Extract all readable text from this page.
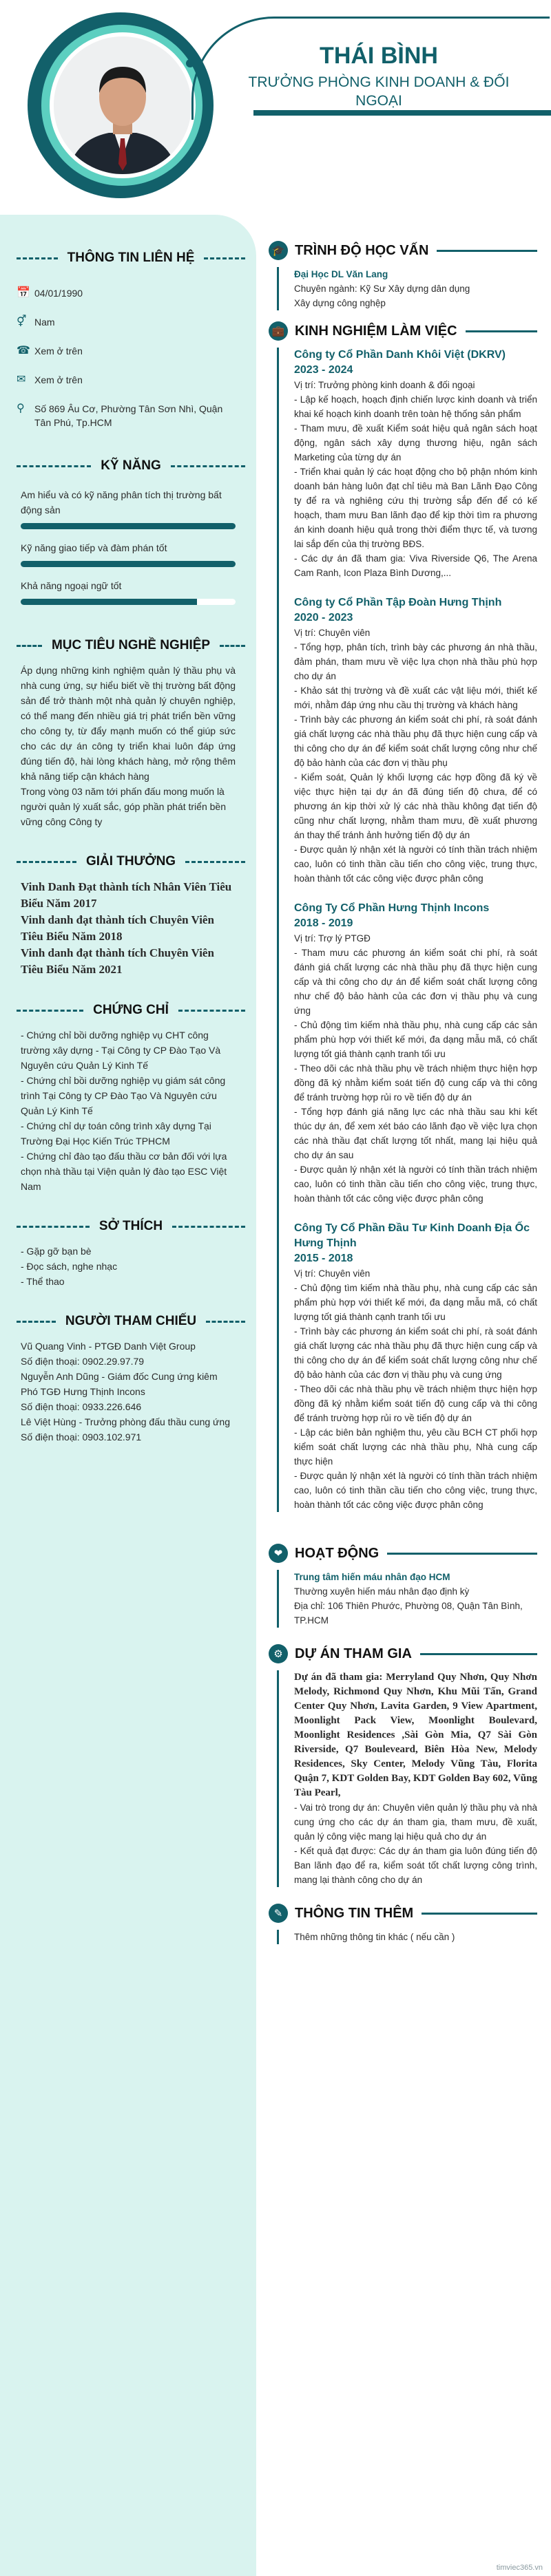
THÁI BÌNH
TRƯỞNG PHÒNG KINH DOANH & ĐỐI NGOẠI
THÔNG TIN LIÊN HỆ
📅 04/01/1990
⚥ Nam
☎ Xem ở trên
✉ Xem ở trên
⚲	Số 869 Âu Cơ, Phường Tân Sơn Nhì, Quận Tân Phú, Tp.HCM
KỸ NĂNG
Am hiểu và có kỹ năng phân tích thị trường bất động sản
Kỹ năng giao tiếp và đàm phán tốt
Khả năng ngoại ngữ tốt
MỤC TIÊU NGHỀ NGHIỆP
Áp dụng những kinh nghiệm quản lý thầu phụ và nhà cung ứng, sự hiểu biết về thị trường bất động sản để trở thành một nhà quản lý chuyên nghiệp, có thể mang đến nhiều giá trị phát triển bền vững cho công ty, từ đẩy mạnh muốn có thể giúp sức cho các dự án công ty triển khai luôn đáp ứng đúng tiến độ, hài lòng khách hàng, mở rộng thêm khả năng tiếp cận khách hàng
Trong vòng 03 năm tới phấn đấu mong muốn là người quản lý xuất sắc, góp phần phát triển bền vững công Công ty
GIẢI THƯỞNG
Vinh Danh Đạt thành tích Nhân Viên Tiêu Biểu Năm 2017
Vinh danh đạt thành tích Chuyên Viên Tiêu Biểu Năm 2018
Vinh danh đạt thành tích Chuyên Viên Tiêu Biểu Năm 2021
CHỨNG CHỈ
- Chứng chỉ bồi dưỡng nghiệp vụ CHT công trường xây dựng - Tại Công ty CP Đào Tạo Và Nguyên cứu Quản Lý Kinh Tế
- Chứng chỉ bồi dưỡng nghiệp vụ giám sát công trình Tại Công ty CP Đào Tạo Và Nguyên cứu Quản Lý Kinh Tế
- Chứng chỉ dự toán công trình xây dựng Tại Trường Đại Học Kiến Trúc TPHCM
- Chứng chỉ đào tạo đấu thầu cơ bản đối với lựa chọn nhà thầu tại Viện quản lý đào tạo ESC Việt Nam
SỞ THÍCH
- Gặp gỡ bạn bè
- Đọc sách, nghe nhạc
- Thể thao
NGƯỜI THAM CHIẾU
Vũ Quang Vinh - PTGĐ Danh Việt Group
Số điện thoại: 0902.29.97.79
Nguyễn Anh Dũng - Giám đốc Cung ứng kiêm Phó TGĐ Hưng Thịnh Incons
Số điện thoại: 0933.226.646
Lê Việt Hùng - Trưởng phòng đấu thầu cung ứng
Số điện thoại: 0903.102.971
🎓 TRÌNH ĐỘ HỌC VẤN
Đại Học DL Văn Lang
Chuyên ngành: Kỹ Sư Xây dựng dân dụng
Xây dựng công nghệp
💼 KINH NGHIỆM LÀM VIỆC
Công ty Cổ Phần Danh Khôi Việt (DKRV)
2023 - 2024
Vị trí: Trưởng phòng kinh doanh & đối ngoại
- Lập kế hoạch, hoạch định chiến lược kinh doanh và triển khai kế hoạch kinh doanh trên toàn hệ thống sản phẩm
- Tham mưu, đề xuất Kiểm soát hiệu quả ngân sách hoạt động, ngân sách xây dựng thương hiệu, ngân sách Marketing của từng dự án
- Triển khai quản lý các hoạt động cho bộ phận nhóm kinh doanh bán hàng luôn đạt chỉ tiêu mà Ban Lãnh Đạo Công ty để ra và nghiêng cứu thị trường sắp đến để có kế hoạch, tham mưu Ban lãnh đạo để kịp thời tìm ra phương án kinh doanh hiệu quả trong thời điểm thực tế, và tương lai sắp đến của thị trường BĐS.
- Các dự án đã tham gia: Viva Riverside Q6, The Arena Cam Ranh, Icon Plaza Bình Dương,...
Công ty Cổ Phần Tập Đoàn Hưng Thịnh
2020 - 2023
Vị trí: Chuyên viên
- Tổng hợp, phân tích, trình bày các phương án nhà thầu, đảm phán, tham mưu về việc lựa chọn nhà thầu phù hợp cho dự án
- Khảo sát thị trường và đề xuất các vật liệu mới, thiết kế mới, nhằm đáp ứng nhu cầu thị trường và khách hàng
- Trình bày các phương án kiểm soát chi phí, rà soát đánh giá chất lượng các nhà thầu phụ đã thực hiện cung cấp và thi công cho dự án để kiểm soát chất lượng công như chế độ bảo hành của các đơn vị thầu phụ
- Kiểm soát, Quản lý khối lượng các hợp đồng đã ký về việc thực hiện tại dự án đã đúng tiến độ chưa, để có phương án kịp thời xử lý các nhà thầu không đạt tiến độ cũng như chất lượng, nhằm tham mưu, đề xuất phương án thay thế tránh ảnh hưởng tiến độ dự án
- Được quản lý nhận xét là người có tính thần trách nhiệm cao, luôn có tinh thần cầu tiến cho công việc, trung thực, hoàn thành tốt các công việc được phân công
Công Ty Cổ Phần Hưng Thịnh Incons
2018 - 2019
Vị trí: Trợ lý PTGĐ
- Tham mưu các phương án kiểm soát chi phí, rà soát đánh giá chất lượng các nhà thầu phụ đã thực hiện cung cấp và thi công cho dự án để kiểm soát chất lượng công như chế độ bảo hành của các đơn vị thầu phụ và cung ứng
- Chủ động tìm kiếm nhà thầu phụ, nhà cung cấp các sản phẩm phù hợp với thiết kế mới, đa dạng mẫu mã, có chất lượng tốt giá thành cạnh tranh tối ưu
- Theo dõi các nhà thầu phụ về trách nhiệm thực hiện hợp đồng đã ký nhằm kiểm soát tiến độ cung cấp và thi công để tránh trường hợp rủi ro về tiến độ dự án
- Tổng hợp đánh giá năng lực các nhà thầu sau khi kết thúc dự án, để xem xét báo cáo lãnh đạo về việc lựa chọn các nhà thầu đạt chất lượng tốt nhất, mang lại hiệu quả cho dự án sau
- Được quản lý nhận xét là người có tính thần trách nhiệm cao, luôn có tinh thần cầu tiến cho công việc, trung thực, hoàn thành tốt các công việc được phân công
Công Ty Cổ Phần Đầu Tư Kinh Doanh Địa Ốc Hưng Thịnh
2015 - 2018
Vị trí: Chuyên viên
- Chủ động tìm kiếm nhà thầu phụ, nhà cung cấp các sản phẩm phù hợp với thiết kế mới, đa dạng mẫu mã, có chất lượng tốt giá thành cạnh tranh tối ưu
- Trình bày các phương án kiểm soát chi phí, rà soát đánh giá chất lượng các nhà thầu phụ đã thực hiện cung cấp và thi công cho dự án để kiểm soát chất lượng công như chế độ bảo hành của các đơn vị thầu phụ và cung ứng
- Theo dõi các nhà thầu phụ về trách nhiệm thực hiện hợp đồng đã ký nhằm kiểm soát tiến độ cung cấp và thi công để tránh trường hợp rủi ro về tiến độ dự án
- Lập các biên bản nghiệm thu, yêu cầu BCH CT phối hợp kiểm soát chất lượng các nhà thầu phụ, Nhà cung cấp thực hiện
- Được quản lý nhận xét là người có tính thần trách nhiệm cao, luôn có tinh thần cầu tiến cho công việc, trung thực, hoàn thành tốt các công việc được phân công
❤ HOẠT ĐỘNG
Trung tâm hiến máu nhân đạo HCM
Thường xuyên hiến máu nhân đạo định kỳ
Địa chỉ: 106 Thiên Phước, Phường 08, Quận Tân Bình, TP.HCM
⚙ DỰ ÁN THAM GIA
Dự án đã tham gia: Merryland Quy Nhơn, Quy Nhơn Melody, Richmond Quy Nhơn, Khu Mũi Tấn, Grand Center Quy Nhơn, Lavita Garden, 9 View Apartment, Moonlight Pack View, Moonlight Boulevard, Moonlight Residences ,Sài Gòn Mia, Q7 Sài Gòn Riverside, Q7 Bouleveard, Biên Hòa New, Melody Residences, Sky Center, Melody Vũng Tàu, Florita Quận 7, KDT Golden Bay, KDT Golden Bay 602, Vũng Tàu Pearl,
- Vai trò trong dự án: Chuyên viên quản lý thầu phụ và nhà cung ứng cho các dự án tham gia, tham mưu, đề xuất, quản lý công việc mang lại hiệu quả cho dự án
- Kết quả đạt được: Các dự án tham gia luôn đúng tiến độ Ban lãnh đạo để ra, kiểm soát tốt chất lượng công trình, mang lại thành công cho dự án
✎ THÔNG TIN THÊM
Thêm những thông tin khác ( nếu cần )
timviec365.vn
